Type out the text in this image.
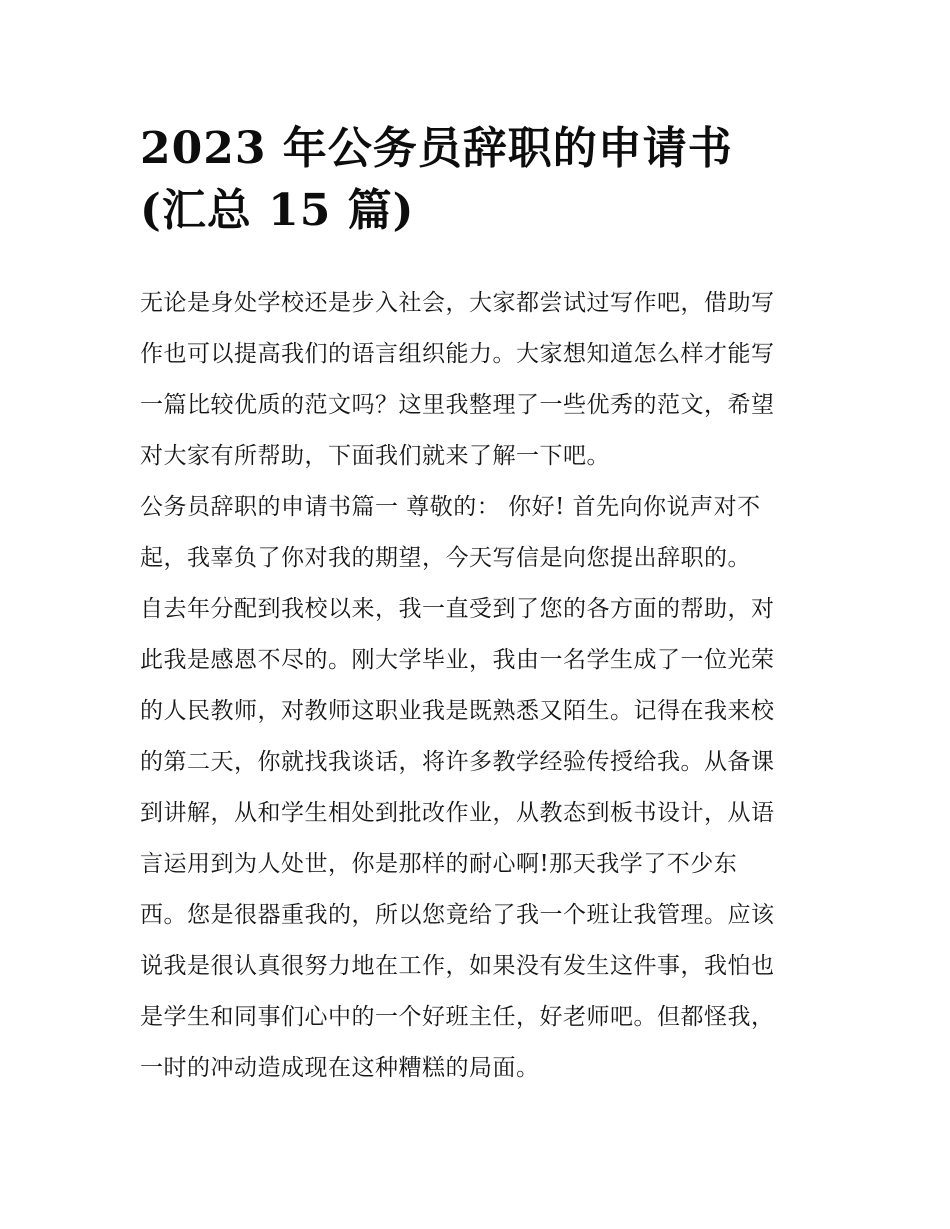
2023 年公务员辞职的申请书
(汇总 15 篇)
无论是身处学校还是步入社会，大家都尝试过写作吧，借助写
作也可以提高我们的语言组织能力。大家想知道怎么样才能写
一篇比较优质的范文吗？这里我整理了一些优秀的范文，希望
对大家有所帮助，下面我们就来了解一下吧。
公务员辞职的申请书篇一 尊敬的： 你好! 首先向你说声对不
起，我辜负了你对我的期望，今天写信是向您提出辞职的。
自去年分配到我校以来，我一直受到了您的各方面的帮助，对
此我是感恩不尽的。刚大学毕业，我由一名学生成了一位光荣
的人民教师，对教师这职业我是既熟悉又陌生。记得在我来校
的第二天，你就找我谈话，将许多教学经验传授给我。从备课
到讲解，从和学生相处到批改作业，从教态到板书设计，从语
言运用到为人处世，你是那样的耐心啊!那天我学了不少东
西。您是很器重我的，所以您竟给了我一个班让我管理。应该
说我是很认真很努力地在工作，如果没有发生这件事，我怕也
是学生和同事们心中的一个好班主任，好老师吧。但都怪我，
一时的冲动造成现在这种糟糕的局面。
